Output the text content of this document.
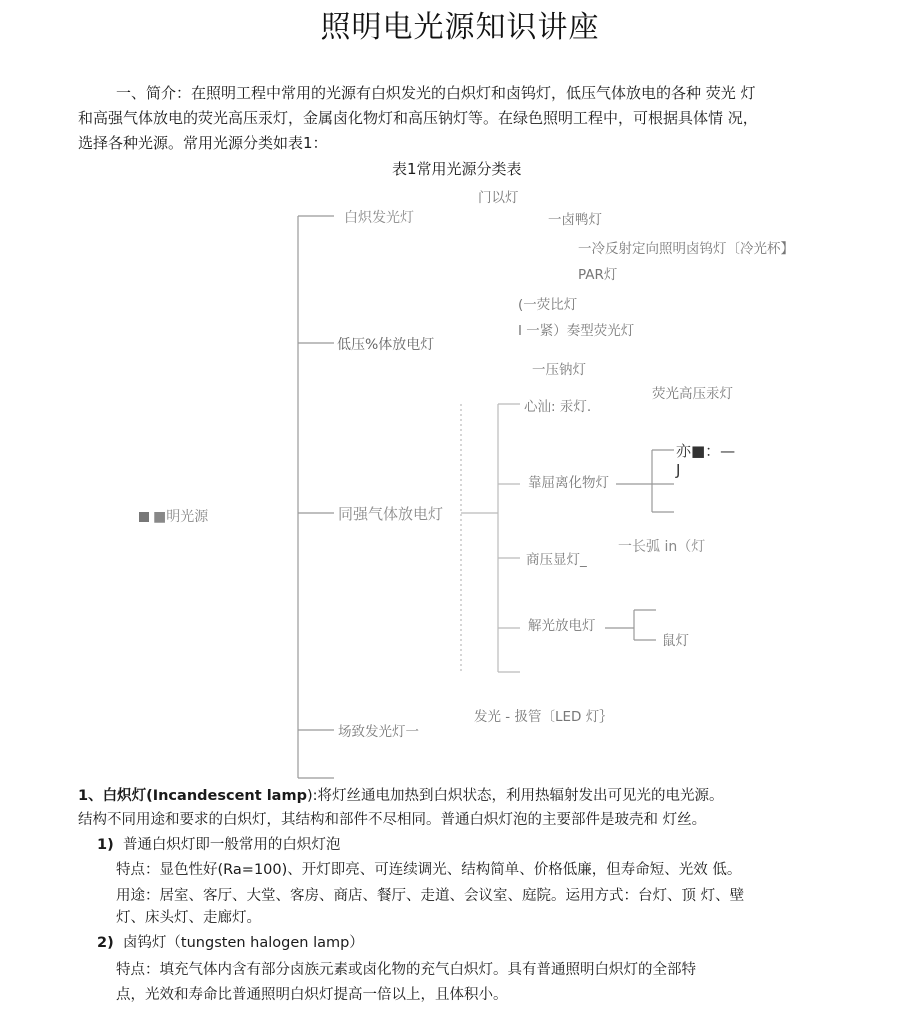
照明电光源知识讲座
一、简介：在照明工程中常用的光源有白炽发光的白炽灯和卤钨灯，低压气体放电的各种 荧光 灯
和高强气体放电的荧光高压汞灯，金属卤化物灯和高压钠灯等。在绿色照明工程中，可根据具体情 况，
选择各种光源。常用光源分类如表1：
表1常用光源分类表
■明光源
门以灯
白炽发光灯	一卤鸭灯
一冷反射定向照明卤钨灯〔冷光杯】
PAR灯
(一荧比灯
I 一紧）奏型荧光灯
低压%体放电灯
一压钠灯
荧光高压汞灯
心汕: 汞灯.
亦■：—
J
靠屈离化物灯
同强气体放电灯
一长弧 in（灯
商压显灯_
解光放电灯
鼠灯
发光 - 扱管〔LED 灯｝
场致发光灯一
1、白炽灯(Incandescent lamp):将灯丝通电加热到白炽状态，利用热辐射发出可见光的电光源。
结构不同用途和要求的白炽灯，其结构和部件不尽相同。普通白炽灯泡的主要部件是玻壳和 灯丝。
1) 普通白炽灯即一般常用的白炽灯泡
特点：显色性好(Ra=100)、开灯即亮、可连续调光、结构简单、价格低廉，但寿命短、光效 低。
用途：居室、客厅、大堂、客房、商店、餐厅、走道、会议室、庭院。运用方式：台灯、顶 灯、壁
灯、床头灯、走廊灯。
2) 卤钨灯（tungsten halogen lamp）
特点：填充气体内含有部分卤族元素或卤化物的充气白炽灯。具有普通照明白炽灯的全部特
点，光效和寿命比普通照明白炽灯提高一倍以上，且体积小。
